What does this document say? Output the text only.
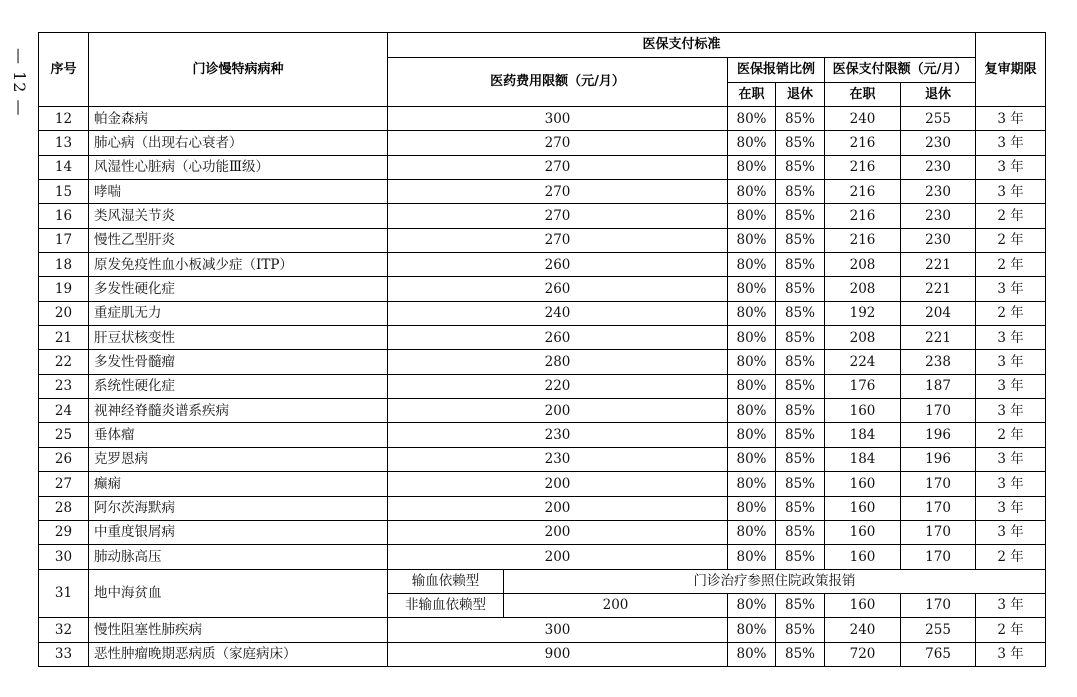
— 12 — 序号	门诊慢特病病种	医保支付标准						复审期限
		医药费用限额（元/月）		医保报销比例		医保支付限额（元/月）		
				在职	退休	在职	退休	
12	帕金森病	300		80%	85%	240	255	3 年
13	肺心病（出现右心衰者）	270		80%	85%	216	230	3 年
14	风湿性心脏病（心功能Ⅲ级）	270		80%	85%	216	230	3 年
15	哮喘	270		80%	85%	216	230	3 年
16	类风湿关节炎	270		80%	85%	216	230	2 年
17	慢性乙型肝炎	270		80%	85%	216	230	2 年
18	原发免疫性血小板减少症（ITP）	260		80%	85%	208	221	2 年
19	多发性硬化症	260		80%	85%	208	221	3 年
20	重症肌无力	240		80%	85%	192	204	2 年
21	肝豆状核变性	260		80%	85%	208	221	3 年
22	多发性骨髓瘤	280		80%	85%	224	238	3 年
23	系统性硬化症	220		80%	85%	176	187	3 年
24	视神经脊髓炎谱系疾病	200		80%	85%	160	170	3 年
25	垂体瘤	230		80%	85%	184	196	2 年
26	克罗恩病	230		80%	85%	184	196	3 年
27	癫痫	200		80%	85%	160	170	3 年
28	阿尔茨海默病	200		80%	85%	160	170	3 年
29	中重度银屑病	200		80%	85%	160	170	3 年
30	肺动脉高压	200		80%	85%	160	170	2 年
31	地中海贫血	输血依赖型	门诊治疗参照住院政策报销					
		非输血依赖型	200	80%	85%	160	170	3 年
32	慢性阻塞性肺疾病	300		80%	85%	240	255	2 年
33	恶性肿瘤晚期恶病质（家庭病床）	900		80%	85%	720	765	3 年
